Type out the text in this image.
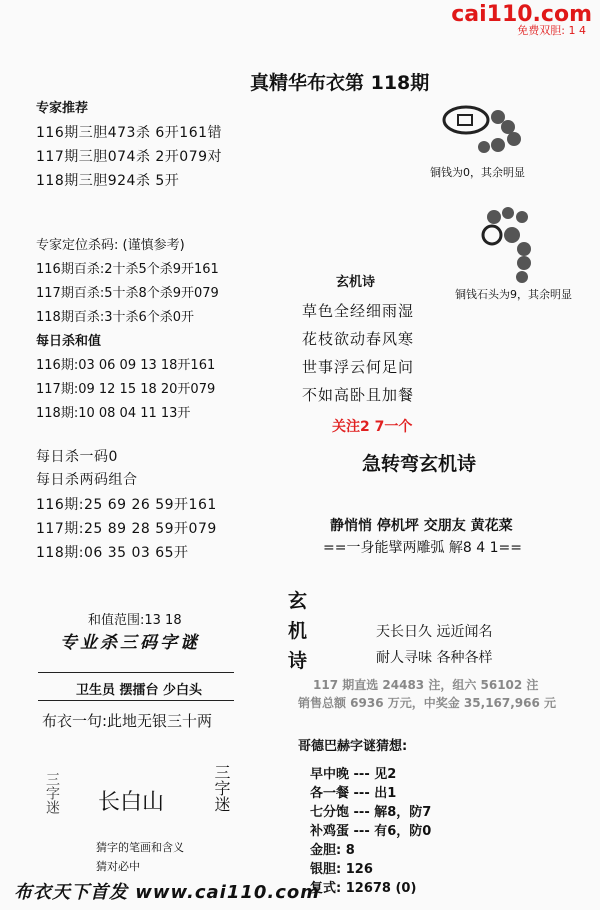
cai110.com
免费双胆: 1 4
真精华布衣第 118期
专家推荐
116期三胆473杀 6开161错
117期三胆074杀 2开079对
118期三胆924杀 5开
专家定位杀码: (谨慎参考)
116期百杀:2十杀5个杀9开161
117期百杀:5十杀8个杀9开079
118期百杀:3十杀6个杀0开
每日杀和值
116期:03 06 09 13 18开161
117期:09 12 15 18 20开079
118期:10 08 04 11 13开
每日杀一码0
每日杀两码组合
116期:25 69 26 59开161
117期:25 89 28 59开079
118期:06 35 03 65开
铜钱为0，其余明显
铜钱石头为9，其余明显
玄机诗
草色全经细雨湿
花枝欲动春风寒
世事浮云何足问
不如高卧且加餐
关注2 7一个
急转弯玄机诗
静悄悄 停机坪 交朋友 黄花菜
==一身能擘两雕弧 解8 4 1==
玄机诗
天长日久 远近闻名
耐人寻味 各种各样
117 期直选 24483 注，组六 56102 注
销售总额 6936 万元，中奖金 35,167,966 元
和值范围:13 18
专业杀三码字谜
卫生员 摆擂台 少白头
布衣一句:此地无银三十两
三字迷 长白山	三字迷
猜字的笔画和含义
猜对必中
哥德巴赫字谜猜想:
早中晚 --- 见2
各一餐 --- 出1
七分饱 --- 解8，防7
补鸡蛋 --- 有6，防0
金胆: 8
银胆: 126
复式: 12678 (0)
布衣天下首发 www.cai110.com
